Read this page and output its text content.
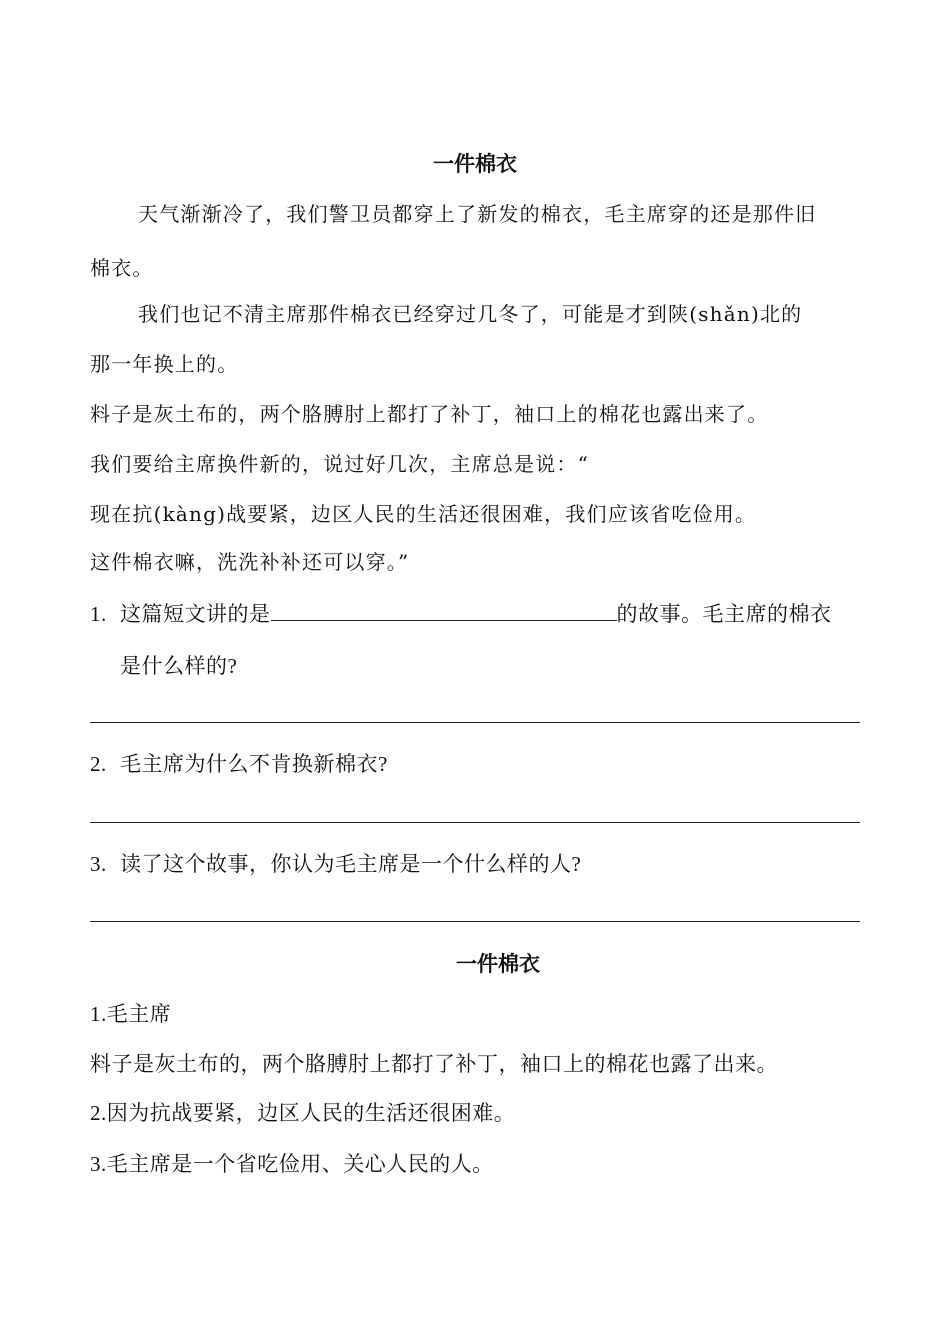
一件棉衣
天气渐渐冷了，我们警卫员都穿上了新发的棉衣，毛主席穿的还是那件旧
棉衣。
我们也记不清主席那件棉衣已经穿过几冬了，可能是才到陕(shǎn)北的
那一年换上的。
料子是灰土布的，两个胳膊肘上都打了补丁，袖口上的棉花也露出来了。
我们要给主席换件新的，说过好几次，主席总是说：“
现在抗(kàng)战要紧，边区人民的生活还很困难，我们应该省吃俭用。
这件棉衣嘛，洗洗补补还可以穿。”
1. 这篇短文讲的是	的故事。毛主席的棉衣
是什么样的?
2. 毛主席为什么不肯换新棉衣?
3. 读了这个故事，你认为毛主席是一个什么样的人?
一件棉衣
1.毛主席
料子是灰土布的，两个胳膊肘上都打了补丁，袖口上的棉花也露了出来。
2.因为抗战要紧，边区人民的生活还很困难。
3.毛主席是一个省吃俭用、关心人民的人。
